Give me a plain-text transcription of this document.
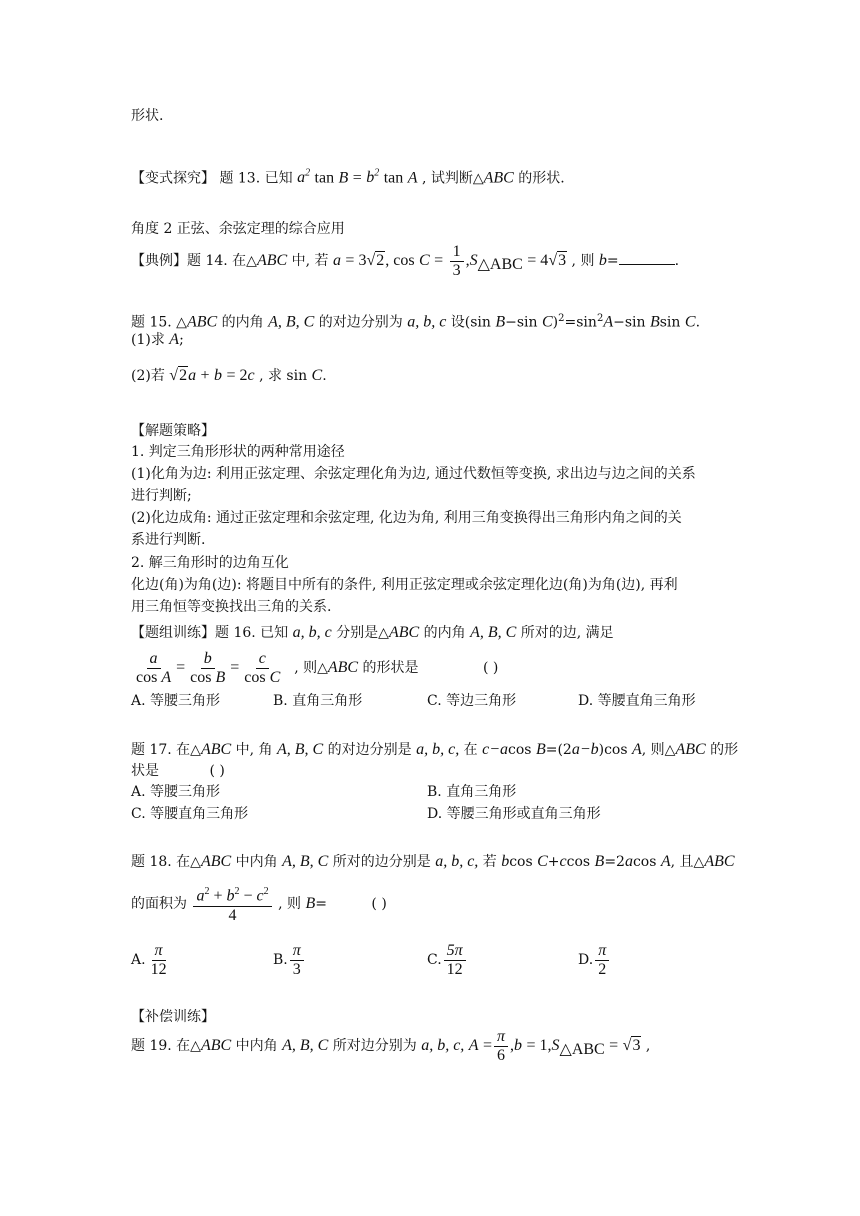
形状.
【变式探究】 题 13. 已知 $a^2$ $\tan B = b^2$ tan A , 试判断△ABC 的形状.
角度 2 正弦、余弦定理的综合应用
【典例】题 14. 在△ABC 中, 若 a = 3√2, $\cos C = \frac{1}{3} ,S_{\triangle ABC} = 4√3$ , 则 b=	.
题 15. △ABC 的内角 A, B, C 的对边分别为 a, b, c 设(sin B−sin $C)^2=\sin^2A-\sin$ Bsin C.
(1)求 A;
(2)若 √2a + b = 2c , 求 sin C.
【解题策略】
1. 判定三角形形状的两种常用途径
(1)化角为边: 利用正弦定理、余弦定理化角为边, 通过代数恒等变换, 求出边与边之间的关系
进行判断;
(2)化边成角: 通过正弦定理和余弦定理, 化边为角, 利用三角变换得出三角形内角之间的关
系进行判断.
2. 解三角形时的边角互化
化边(角)为角(边): 将题目中所有的条件, 利用正弦定理或余弦定理化边(角)为角(边), 再利
用三角恒等变换找出三角的关系.
【题组训练】题 16. 已知 a, b, c 分别是△ABC 的内角 A, B, C 所对的边, 满足
$\frac{a}{\text{cos A}} = \frac{b}{\text{cos B}} = \frac{c}{\text{cos C}}$ , 则△ABC 的形状是	( )
A. 等腰三角形	B. 直角三角形	C. 等边三角形	D. 等腰直角三角形
题 17. 在△ABC 中, 角 A, B, C 的对边分别是 a, b, c, 在 c−acos B=(2a−b)cos A, 则△ABC 的形
状是	( )
A. 等腰三角形	B. 直角三角形
C. 等腰直角三角形	D. 等腰三角形或直角三角形
题 18. 在△ABC 中内角 A, B, C 所对的边分别是 a, b, c, 若 bcos C+ccos B=2acos A, 且△ABC
的面积为 $\frac{a^2 + b^2 - c^2}{4}$ , 则 B=	( )
A. $\frac{\pi}{12}$	B. $\frac{\pi}{3}$	C. $\frac{5\pi}{12}$	D. $\frac{\pi}{2}$
【补偿训练】
题 19. 在△ABC 中内角 A, B, C 所对边分别为 a, b, c, $A = \frac{\pi}{6} ,b = 1,S_{\triangle ABC} = √3$ ,
